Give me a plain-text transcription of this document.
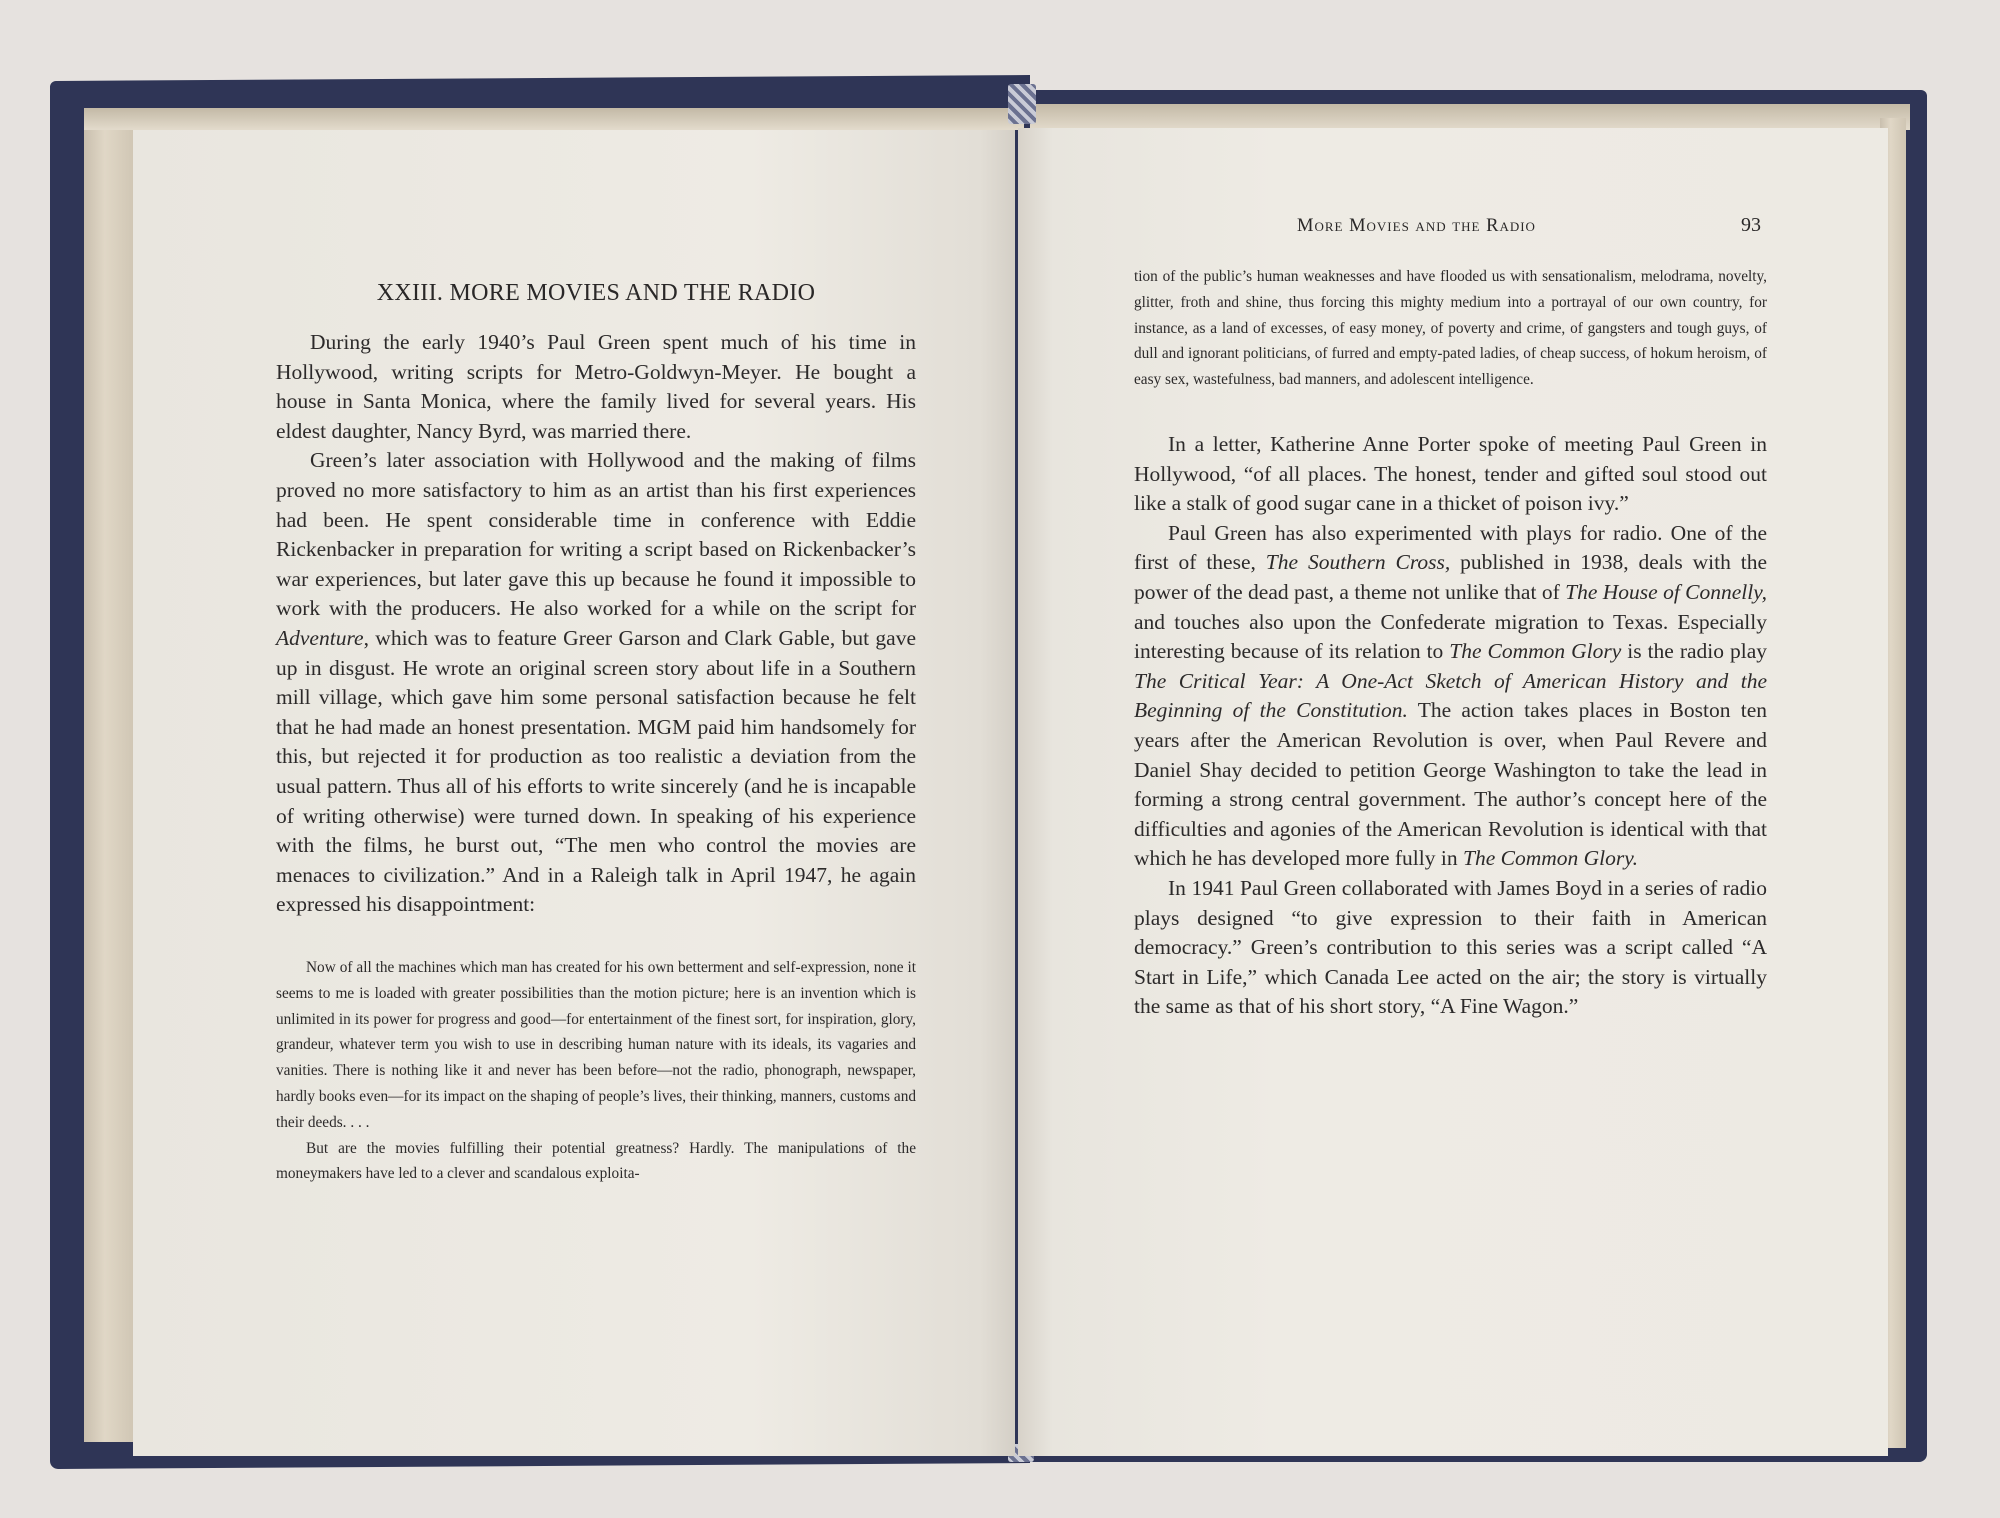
XXIII. MORE MOVIES AND THE RADIO

During the early 1940’s Paul Green spent much of his time in Hollywood, writing scripts for Metro-Goldwyn-Meyer. He bought a house in Santa Monica, where the family lived for several years. His eldest daughter, Nancy Byrd, was married there.

Green’s later association with Hollywood and the making of films proved no more satisfactory to him as an artist than his first experiences had been. He spent considerable time in conference with Eddie Rickenbacker in preparation for writing a script based on Rickenbacker’s war experiences, but later gave this up because he found it impossible to work with the producers. He also worked for a while on the script for Adventure, which was to feature Greer Garson and Clark Gable, but gave up in disgust. He wrote an original screen story about life in a Southern mill village, which gave him some personal satisfaction because he felt that he had made an honest presentation. MGM paid him handsomely for this, but rejected it for production as too realistic a deviation from the usual pattern. Thus all of his efforts to write sincerely (and he is incapable of writing otherwise) were turned down. In speaking of his experience with the films, he burst out, “The men who control the movies are menaces to civilization.” And in a Raleigh talk in April 1947, he again expressed his disappointment:

Now of all the machines which man has created for his own betterment and self-expression, none it seems to me is loaded with greater possibilities than the motion picture; here is an invention which is unlimited in its power for progress and good—for entertainment of the finest sort, for inspiration, glory, grandeur, whatever term you wish to use in describing human nature with its ideals, its vagaries and vanities. There is nothing like it and never has been before—not the radio, phonograph, newspaper, hardly books even—for its impact on the shaping of people’s lives, their thinking, manners, customs and their deeds. . . .

But are the movies fulfilling their potential greatness? Hardly. The manipulations of the moneymakers have led to a clever and scandalous exploita-

More Movies and the Radio	93

tion of the public’s human weaknesses and have flooded us with sensationalism, melodrama, novelty, glitter, froth and shine, thus forcing this mighty medium into a portrayal of our own country, for instance, as a land of excesses, of easy money, of poverty and crime, of gangsters and tough guys, of dull and ignorant politicians, of furred and empty-pated ladies, of cheap success, of hokum heroism, of easy sex, wastefulness, bad manners, and adolescent intelligence.

In a letter, Katherine Anne Porter spoke of meeting Paul Green in Hollywood, “of all places. The honest, tender and gifted soul stood out like a stalk of good sugar cane in a thicket of poison ivy.”

Paul Green has also experimented with plays for radio. One of the first of these, The Southern Cross, published in 1938, deals with the power of the dead past, a theme not unlike that of The House of Connelly, and touches also upon the Confederate migration to Texas. Especially interesting because of its relation to The Common Glory is the radio play The Critical Year: A One-Act Sketch of American History and the Beginning of the Constitution. The action takes places in Boston ten years after the American Revolution is over, when Paul Revere and Daniel Shay decided to petition George Washington to take the lead in forming a strong central government. The author’s concept here of the difficulties and agonies of the American Revolution is identical with that which he has developed more fully in The Common Glory.

In 1941 Paul Green collaborated with James Boyd in a series of radio plays designed “to give expression to their faith in American democracy.” Green’s contribution to this series was a script called “A Start in Life,” which Canada Lee acted on the air; the story is virtually the same as that of his short story, “A Fine Wagon.”
